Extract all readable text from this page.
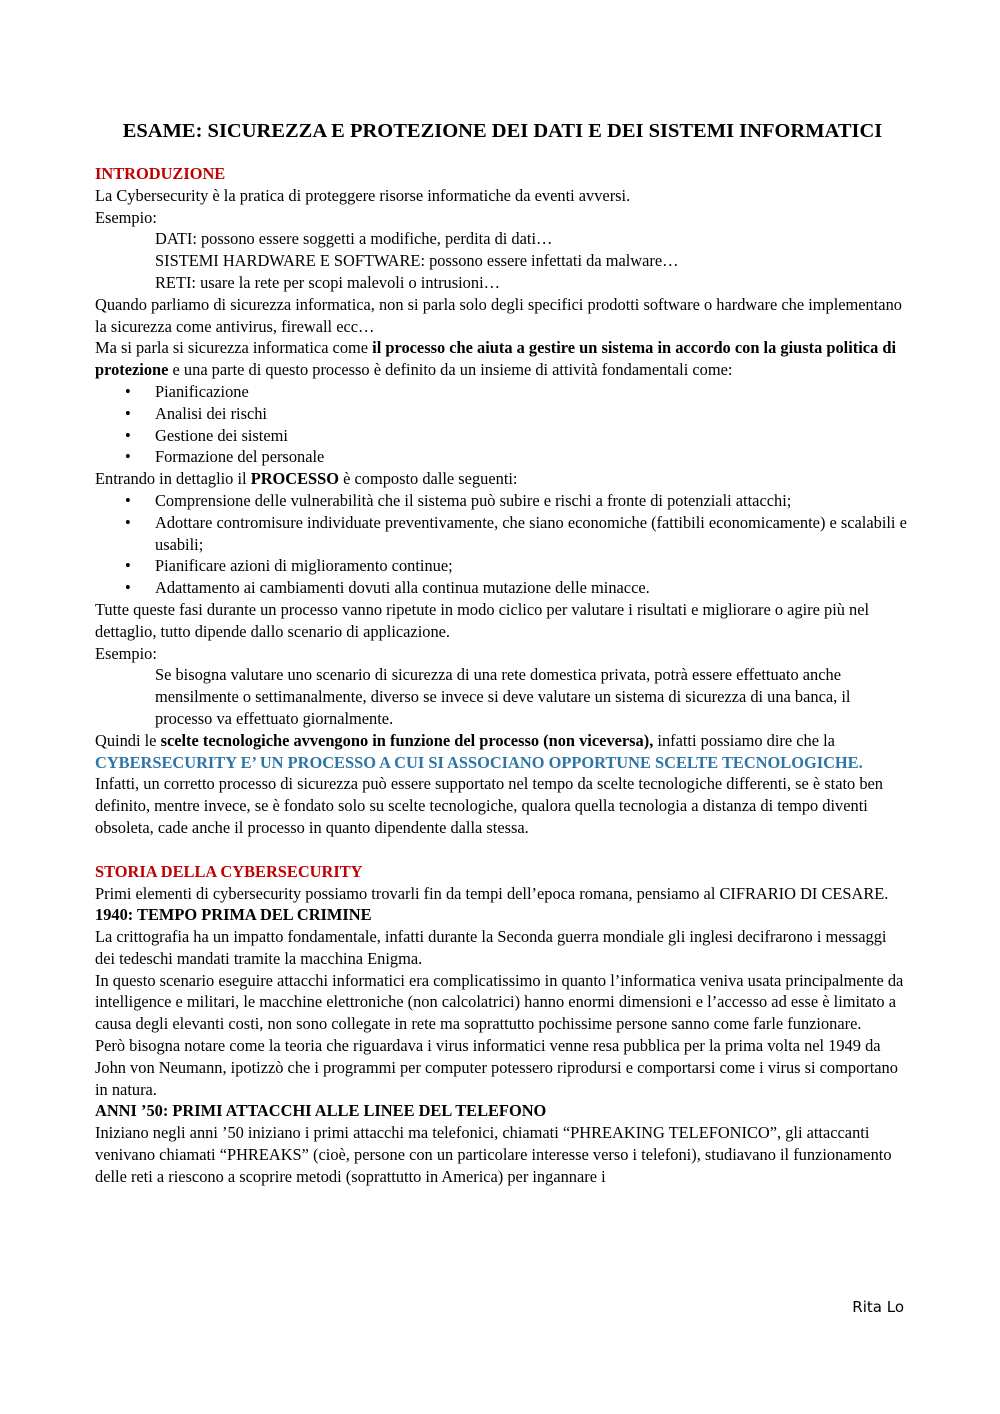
ESAME: SICUREZZA E PROTEZIONE DEI DATI E DEI SISTEMI INFORMATICI

INTRODUZIONE

La Cybersecurity è la pratica di proteggere risorse informatiche da eventi avversi.

Esempio:

DATI: possono essere soggetti a modifiche, perdita di dati…

SISTEMI HARDWARE E SOFTWARE: possono essere infettati da malware…

RETI: usare la rete per scopi malevoli o intrusioni…

Quando parliamo di sicurezza informatica, non si parla solo degli specifici prodotti software o hardware che implementano la sicurezza come antivirus, firewall ecc…

Ma si parla si sicurezza informatica come il processo che aiuta a gestire un sistema in accordo con la giusta politica di protezione e una parte di questo processo è definito da un insieme di attività fondamentali come:

• Pianificazione
• Analisi dei rischi
• Gestione dei sistemi
• Formazione del personale

Entrando in dettaglio il PROCESSO è composto dalle seguenti:

• Comprensione delle vulnerabilità che il sistema può subire e rischi a fronte di potenziali attacchi;
• Adottare contromisure individuate preventivamente, che siano economiche (fattibili economicamente) e scalabili e usabili;
• Pianificare azioni di miglioramento continue;
• Adattamento ai cambiamenti dovuti alla continua mutazione delle minacce.

Tutte queste fasi durante un processo vanno ripetute in modo ciclico per valutare i risultati e migliorare o agire più nel dettaglio, tutto dipende dallo scenario di applicazione.

Esempio:

Se bisogna valutare uno scenario di sicurezza di una rete domestica privata, potrà essere effettuato anche mensilmente o settimanalmente, diverso se invece si deve valutare un sistema di sicurezza di una banca, il processo va effettuato giornalmente.

Quindi le scelte tecnologiche avvengono in funzione del processo (non viceversa), infatti possiamo dire che la CYBERSECURITY E’ UN PROCESSO A CUI SI ASSOCIANO OPPORTUNE SCELTE TECNOLOGICHE.

Infatti, un corretto processo di sicurezza può essere supportato nel tempo da scelte tecnologiche differenti, se è stato ben definito, mentre invece, se è fondato solo su scelte tecnologiche, qualora quella tecnologia a distanza di tempo diventi obsoleta, cade anche il processo in quanto dipendente dalla stessa.

STORIA DELLA CYBERSECURITY

Primi elementi di cybersecurity possiamo trovarli fin da tempi dell’epoca romana, pensiamo al CIFRARIO DI CESARE.

1940: TEMPO PRIMA DEL CRIMINE

La crittografia ha un impatto fondamentale, infatti durante la Seconda guerra mondiale gli inglesi decifrarono i messaggi dei tedeschi mandati tramite la macchina Enigma.

In questo scenario eseguire attacchi informatici era complicatissimo in quanto l’informatica veniva usata principalmente da intelligence e militari, le macchine elettroniche (non calcolatrici) hanno enormi dimensioni e l’accesso ad esse è limitato a causa degli elevanti costi, non sono collegate in rete ma soprattutto pochissime persone sanno come farle funzionare.

Però bisogna notare come la teoria che riguardava i virus informatici venne resa pubblica per la prima volta nel 1949 da John von Neumann, ipotizzò che i programmi per computer potessero riprodursi e comportarsi come i virus si comportano in natura.

ANNI ’50: PRIMI ATTACCHI ALLE LINEE DEL TELEFONO

Iniziano negli anni ’50 iniziano i primi attacchi ma telefonici, chiamati “PHREAKING TELEFONICO”, gli attaccanti venivano chiamati “PHREAKS” (cioè, persone con un particolare interesse verso i telefoni), studiavano il funzionamento delle reti a riescono a scoprire metodi (soprattutto in America) per ingannare i

Rita Lo
